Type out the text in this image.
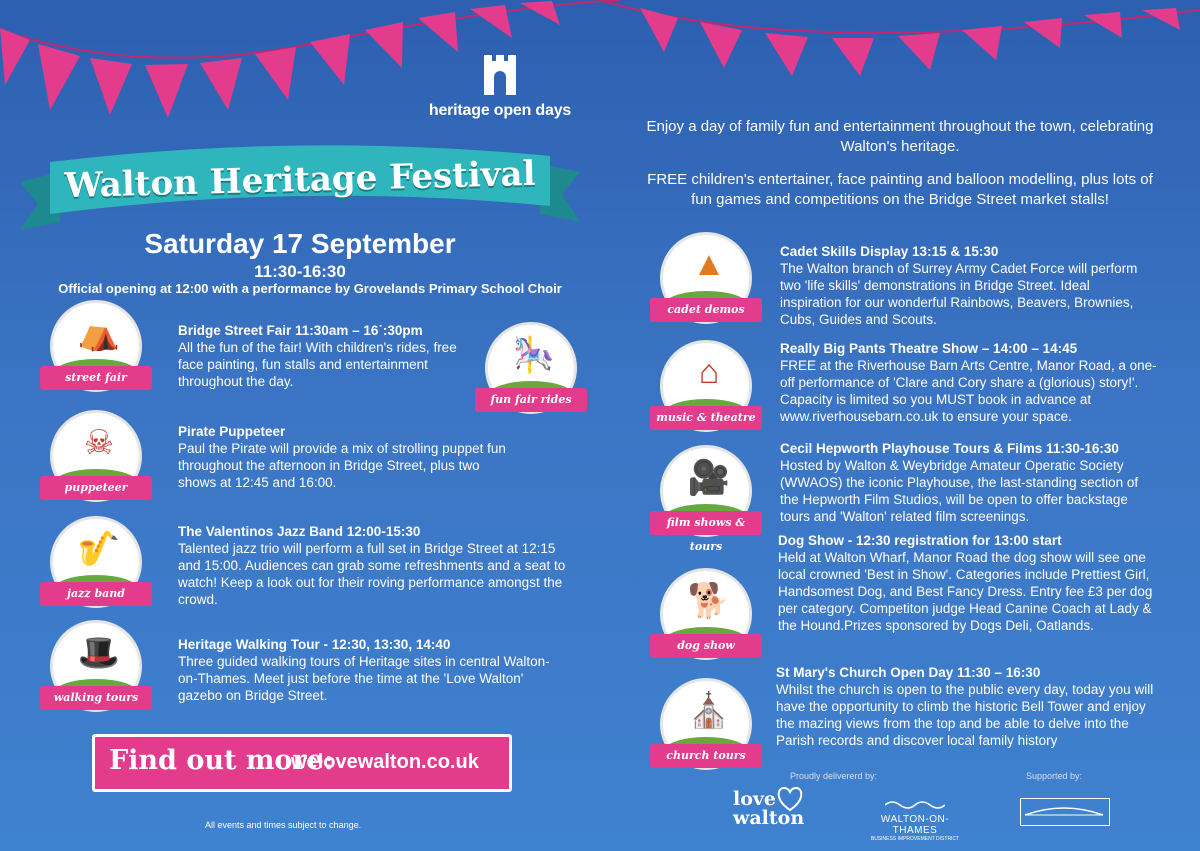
heritage open days
Walton Heritage Festival
Saturday 17 September
11:30-16:30
Official opening at 12:00 with a performance by Grovelands Primary School Choir

Enjoy a day of family fun and entertainment throughout the town, celebrating Walton's heritage.

FREE children's entertainer, face painting and balloon modelling, plus lots of fun games and competitions on the Bridge Street market stalls!

⛺
street fair
Bridge Street Fair 11:30am – 16˙:30pm
All the fun of the fair! With children's rides, free face painting, fun stalls and entertainment throughout the day.
🎠
fun fair rides
☠
puppeteer
Pirate Puppeteer
Paul the Pirate will provide a mix of strolling puppet fun throughout the afternoon in Bridge Street, plus two shows at 12:45 and 16:00.
🎷
jazz band
The Valentinos Jazz Band 12:00-15:30
Talented jazz trio will perform a full set in Bridge Street at 12:15 and 15:00. Audiences can grab some refreshments and a seat to watch! Keep a look out for their roving performance amongst the crowd.
🎩
walking tours
Heritage Walking Tour - 12:30, 13:30, 14:40
Three guided walking tours of Heritage sites in central Walton-on-Thames. Meet just before the time at the 'Love Walton' gazebo on Bridge Street.
Find out more:
welovewalton.co.uk
All events and times subject to change.
▲
cadet demos
Cadet Skills Display 13:15 & 15:30
The Walton branch of Surrey Army Cadet Force will perform two 'life skills' demonstrations in Bridge Street. Ideal inspiration for our wonderful Rainbows, Beavers, Brownies, Cubs, Guides and Scouts.
⌂
music & theatre
Really Big Pants Theatre Show – 14:00 – 14:45
FREE at the Riverhouse Barn Arts Centre, Manor Road, a one-off performance of 'Clare and Cory share a (glorious) story!'. Capacity is limited so you MUST book in advance at www.riverhousebarn.co.uk to ensure your space.
🎥
film shows & tours
Cecil Hepworth Playhouse Tours & Films 11:30-16:30
Hosted by Walton & Weybridge Amateur Operatic Society (WWAOS) the iconic Playhouse, the last-standing section of the Hepworth Film Studios, will be open to offer backstage tours and 'Walton' related film screenings.
🐕
dog show
Dog Show - 12:30 registration for 13:00 start
Held at Walton Wharf, Manor Road the dog show will see one local crowned 'Best in Show'. Categories include Prettiest Girl, Handsomest Dog, and Best Fancy Dress. Entry fee £3 per dog per category. Competiton judge Head Canine Coach at Lady & the Hound.Prizes sponsored by Dogs Deli, Oatlands.
⛪
church tours
St Mary's Church Open Day 11:30 – 16:30
Whilst the church is open to the public every day, today you will have the opportunity to climb the historic Bell Tower and enjoy the mazing views from the top and be able to delve into the Parish records and discover local family history
Proudly delivererd by:	Supported by:
love
walton	WALTON-ON-THAMES
BUSINESS IMPROVEMENT DISTRICT
